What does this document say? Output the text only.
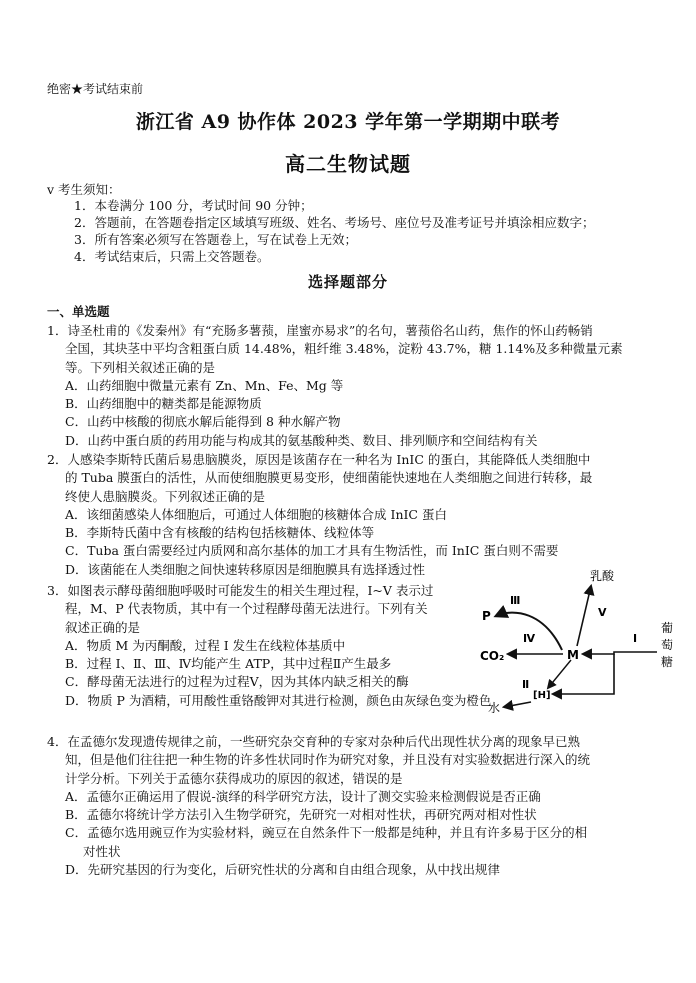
绝密★考试结束前
浙江省 A9 协作体 2023 学年第一学期期中联考
高二生物试题
v 考生须知：
1．本卷满分 100 分，考试时间 90 分钟；
2．答题前，在答题卷指定区域填写班级、姓名、考场号、座位号及准考证号并填涂相应数字；
3．所有答案必须写在答题卷上，写在试卷上无效；
4．考试结束后，只需上交答题卷。
选择题部分
一、单选题
1．诗圣杜甫的《发秦州》有“充肠多薯蓣，崖蜜亦易求”的名句，薯蓣俗名山药，焦作的怀山药畅销
全国，其块茎中平均含粗蛋白质 14.48%，粗纤维 3.48%，淀粉 43.7%，糖 1.14%及多种微量元素
等。下列相关叙述正确的是
A．山药细胞中微量元素有 Zn、Mn、Fe、Mg 等
B．山药细胞中的糖类都是能源物质
C．山药中核酸的彻底水解后能得到 8 种水解产物
D．山药中蛋白质的药用功能与构成其的氨基酸种类、数目、排列顺序和空间结构有关
2．人感染李斯特氏菌后易患脑膜炎，原因是该菌存在一种名为 InIC 的蛋白，其能降低人类细胞中
的 Tuba 膜蛋白的活性，从而使细胞膜更易变形，使细菌能快速地在人类细胞之间进行转移，最
终使人患脑膜炎。下列叙述正确的是
A．该细菌感染人体细胞后，可通过人体细胞的核糖体合成 InIC 蛋白
B．李斯特氏菌中含有核酸的结构包括核糖体、线粒体等
C．Tuba 蛋白需要经过内质网和高尔基体的加工才具有生物活性，而 InIC 蛋白则不需要
D．该菌能在人类细胞之间快速转移原因是细胞膜具有选择透过性
3．如图表示酵母菌细胞呼吸时可能发生的相关生理过程，I~V 表示过
程，M、P 代表物质，其中有一个过程酵母菌无法进行。下列有关
叙述正确的是
A．物质 M 为丙酮酸，过程 I 发生在线粒体基质中
B．过程 I、Ⅱ、Ⅲ、Ⅳ均能产生 ATP，其中过程Ⅱ产生最多
C．酵母菌无法进行的过程为过程Ⅴ，因为其体内缺乏相关的酶
D．物质 P 为酒精，可用酸性重铬酸钾对其进行检测，颜色由灰绿色变为橙色
乳酸
P
CO₂	M
[H]
水
葡
萄
糖
Ⅲ
Ⅳ
Ⅴ
Ⅰ
Ⅱ
4．在孟德尔发现遗传规律之前，一些研究杂交育种的专家对杂种后代出现性状分离的现象早已熟
知，但是他们往往把一种生物的许多性状同时作为研究对象，并且没有对实验数据进行深入的统
计学分析。下列关于孟德尔获得成功的原因的叙述，错误的是
A．孟德尔正确运用了假说-演绎的科学研究方法，设计了测交实验来检测假说是否正确
B．孟德尔将统计学方法引入生物学研究，先研究一对相对性状，再研究两对相对性状
C．孟德尔选用豌豆作为实验材料，豌豆在自然条件下一般都是纯种，并且有许多易于区分的相
对性状
D．先研究基因的行为变化，后研究性状的分离和自由组合现象，从中找出规律
